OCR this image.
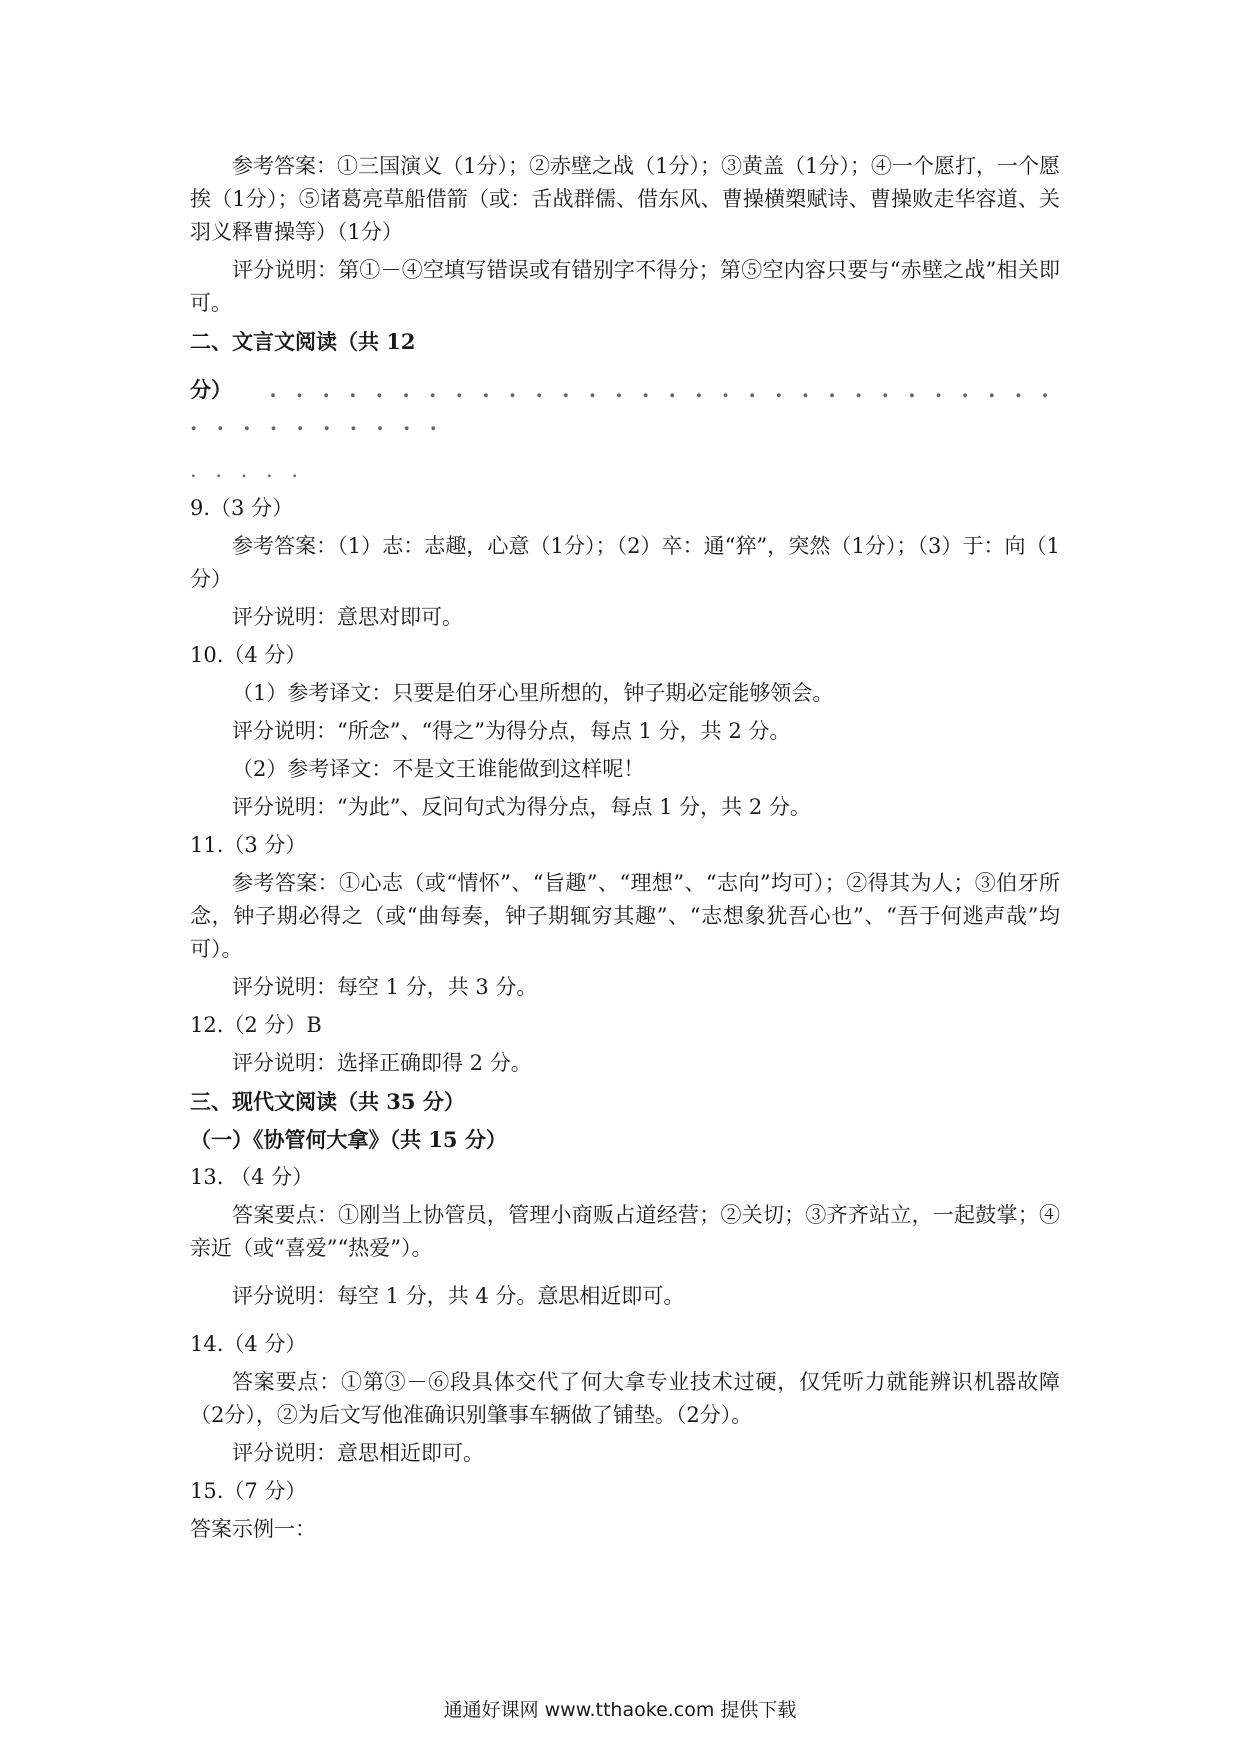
参考答案：①三国演义（1分）；②赤壁之战（1分）；③黄盖（1分）；④一个愿打，一个愿挨（1分）；⑤诸葛亮草船借箭（或：舌战群儒、借东风、曹操横槊赋诗、曹操败走华容道、关羽义释曹操等）（1分）

评分说明：第①－④空填写错误或有错别字不得分；第⑤空内容只要与“赤壁之战”相关即可。

二、文言文阅读（共 12

分） . . . . . . . . . . . . . . . . . . . . . . . . . . . . . . . . . . . . . . . .

. . . . .

9.（3 分）

参考答案：（1）志：志趣，心意（1分）；（2）卒：通“猝”，突然（1分）；（3）于：向（1分）

评分说明：意思对即可。

10.（4 分）

（1）参考译文：只要是伯牙心里所想的，钟子期必定能够领会。

评分说明：“所念”、“得之”为得分点，每点 1 分，共 2 分。

（2）参考译文：不是文王谁能做到这样呢！

评分说明：“为此”、反问句式为得分点，每点 1 分，共 2 分。

11.（3 分）

参考答案：①心志（或“情怀”、“旨趣”、“理想”、“志向”均可）；②得其为人；③伯牙所念，钟子期必得之（或“曲每奏，钟子期辄穷其趣”、“志想象犹吾心也”、“吾于何逃声哉”均可）。

评分说明：每空 1 分，共 3 分。

12.（2 分）B

评分说明：选择正确即得 2 分。

三、现代文阅读（共 35 分）

（一）《协管何大拿》（共 15 分）

13. （4 分）

答案要点：①刚当上协管员，管理小商贩占道经营；②关切；③齐齐站立，一起鼓掌；④亲近（或“喜爱”“热爱”）。

评分说明：每空 1 分，共 4 分。意思相近即可。

14.（4 分）

答案要点：①第③－⑥段具体交代了何大拿专业技术过硬，仅凭听力就能辨识机器故障（2分），②为后文写他准确识别肇事车辆做了铺垫。（2分）。

评分说明：意思相近即可。

15.（7 分）

答案示例一：

通通好课网 www.tthaoke.com 提供下载
